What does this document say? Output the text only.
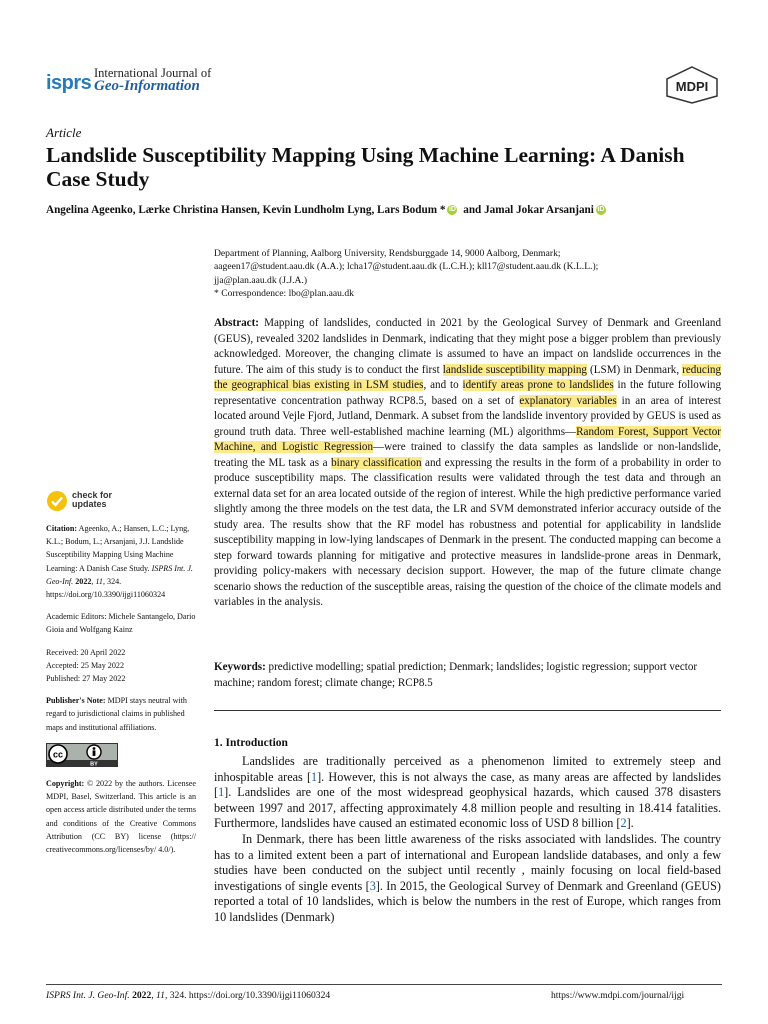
isprs International Journal of
Geo-Information	MDPI
Article
Landslide Susceptibility Mapping Using Machine Learning: A Danish Case Study
Angelina Ageenko, Lærke Christina Hansen, Kevin Lundholm Lyng, Lars Bodum * iD and Jamal Jokar Arsanjani iD
Department of Planning, Aalborg University, Rendsburggade 14, 9000 Aalborg, Denmark;
aageen17@student.aau.dk (A.A.); lcha17@student.aau.dk (L.C.H.); kll17@student.aau.dk (K.L.L.);
jja@plan.aau.dk (J.J.A.)
* Correspondence: lbo@plan.aau.dk
Abstract: Mapping of landslides, conducted in 2021 by the Geological Survey of Denmark and Greenland (GEUS), revealed 3202 landslides in Denmark, indicating that they might pose a bigger problem than previously acknowledged. Moreover, the changing climate is assumed to have an impact on landslide occurrences in the future. The aim of this study is to conduct the first landslide susceptibility mapping (LSM) in Denmark, reducing the geographical bias existing in LSM studies, and to identify areas prone to landslides in the future following representative concentration pathway RCP8.5, based on a set of explanatory variables in an area of interest located around Vejle Fjord, Jutland, Denmark. A subset from the landslide inventory provided by GEUS is used as ground truth data. Three well-established machine learning (ML) algorithms—Random Forest, Support Vector Machine, and Logistic Regression—were trained to classify the data samples as landslide or non-landslide, treating the ML task as a binary classification and expressing the results in the form of a probability in order to produce susceptibility maps. The classification results were validated through the test data and through an external data set for an area located outside of the region of interest. While the high predictive performance varied slightly among the three models on the test data, the LR and SVM demonstrated inferior accuracy outside of the study area. The results show that the RF model has robustness and potential for applicability in landslide susceptibility mapping in low-lying landscapes of Denmark in the present. The conducted mapping can become a step forward towards planning for mitigative and protective measures in landslide-prone areas in Denmark, providing policy-makers with necessary decision support. However, the map of the future climate change scenario shows the reduction of the susceptible areas, raising the question of the choice of the climate models and variables in the analysis.
Keywords: predictive modelling; spatial prediction; Denmark; landslides; logistic regression; support vector machine; random forest; climate change; RCP8.5
1. Introduction

Landslides are traditionally perceived as a phenomenon limited to extremely steep and inhospitable areas [1]. However, this is not always the case, as many areas are affected by landslides [1]. Landslides are one of the most widespread geophysical hazards, which caused 378 disasters between 1997 and 2017, affecting approximately 4.8 million people and resulting in 18.414 fatalities. Furthermore, landslides have caused an estimated economic loss of USD 8 billion [2].

In Denmark, there has been little awareness of the risks associated with landslides. The country has to a limited extent been a part of international and European landslide databases, and only a few studies have been conducted on the subject until recently , mainly focusing on local field-based investigations of single events [3]. In 2015, the Geological Survey of Denmark and Greenland (GEUS) reported a total of 10 landslides, which is below the numbers in the rest of Europe, which ranges from 10 landslides (Denmark)

check for
updates
Citation: Ageenko, A.; Hansen, L.C.; Lyng, K.L.; Bodum, L.; Arsanjani, J.J. Landslide Susceptibility Mapping Using Machine Learning: A Danish Case Study. ISPRS Int. J. Geo-Inf. 2022, 11, 324. https://doi.org/10.3390/ijgi11060324
Academic Editors: Michele Santangelo, Dario Gioia and Wolfgang Kainz
Received: 20 April 2022
Accepted: 25 May 2022
Published: 27 May 2022
Publisher's Note: MDPI stays neutral with regard to jurisdictional claims in published maps and institutional affiliations.
cc
BY
Copyright: © 2022 by the authors. Licensee MDPI, Basel, Switzerland. This article is an open access article distributed under the terms and conditions of the Creative Commons Attribution (CC BY) license (https:// creativecommons.org/licenses/by/ 4.0/).
ISPRS Int. J. Geo-Inf. 2022, 11, 324. https://doi.org/10.3390/ijgi11060324	https://www.mdpi.com/journal/ijgi
